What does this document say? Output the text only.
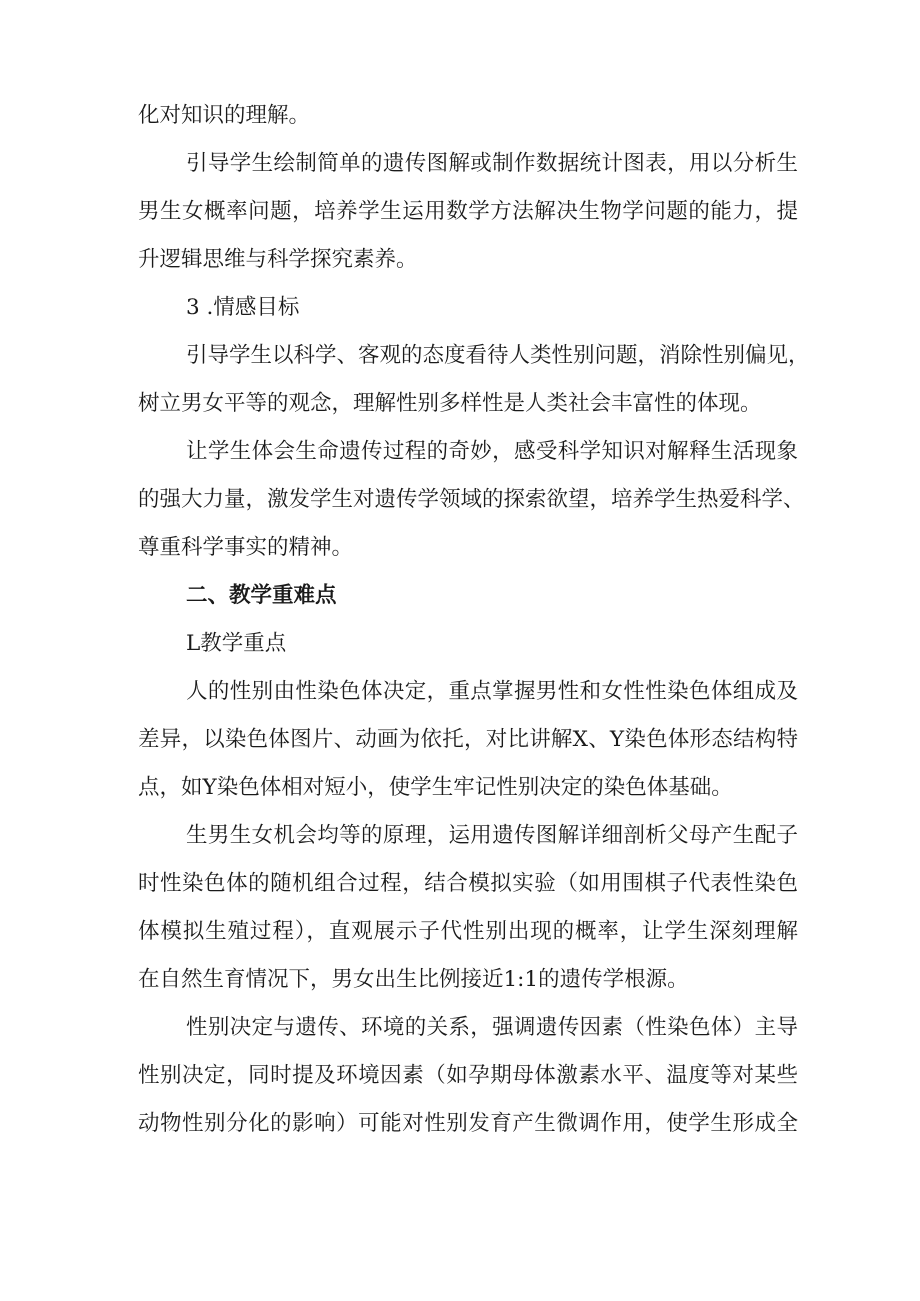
化对知识的理解。

引导学生绘制简单的遗传图解或制作数据统计图表，用以分析生

男生女概率问题，培养学生运用数学方法解决生物学问题的能力，提

升逻辑思维与科学探究素养。

3 .情感目标

引导学生以科学、客观的态度看待人类性别问题，消除性别偏见，

树立男女平等的观念，理解性别多样性是人类社会丰富性的体现。

让学生体会生命遗传过程的奇妙，感受科学知识对解释生活现象

的强大力量，激发学生对遗传学领域的探索欲望，培养学生热爱科学、

尊重科学事实的精神。

二、教学重难点

L教学重点

人的性别由性染色体决定，重点掌握男性和女性性染色体组成及

差异，以染色体图片、动画为依托，对比讲解X、Y染色体形态结构特

点，如Y染色体相对短小，使学生牢记性别决定的染色体基础。

生男生女机会均等的原理，运用遗传图解详细剖析父母产生配子

时性染色体的随机组合过程，结合模拟实验（如用围棋子代表性染色

体模拟生殖过程），直观展示子代性别出现的概率，让学生深刻理解

在自然生育情况下，男女出生比例接近1:1的遗传学根源。

性别决定与遗传、环境的关系，强调遗传因素（性染色体）主导

性别决定，同时提及环境因素（如孕期母体激素水平、温度等对某些

动物性别分化的影响）可能对性别发育产生微调作用，使学生形成全
